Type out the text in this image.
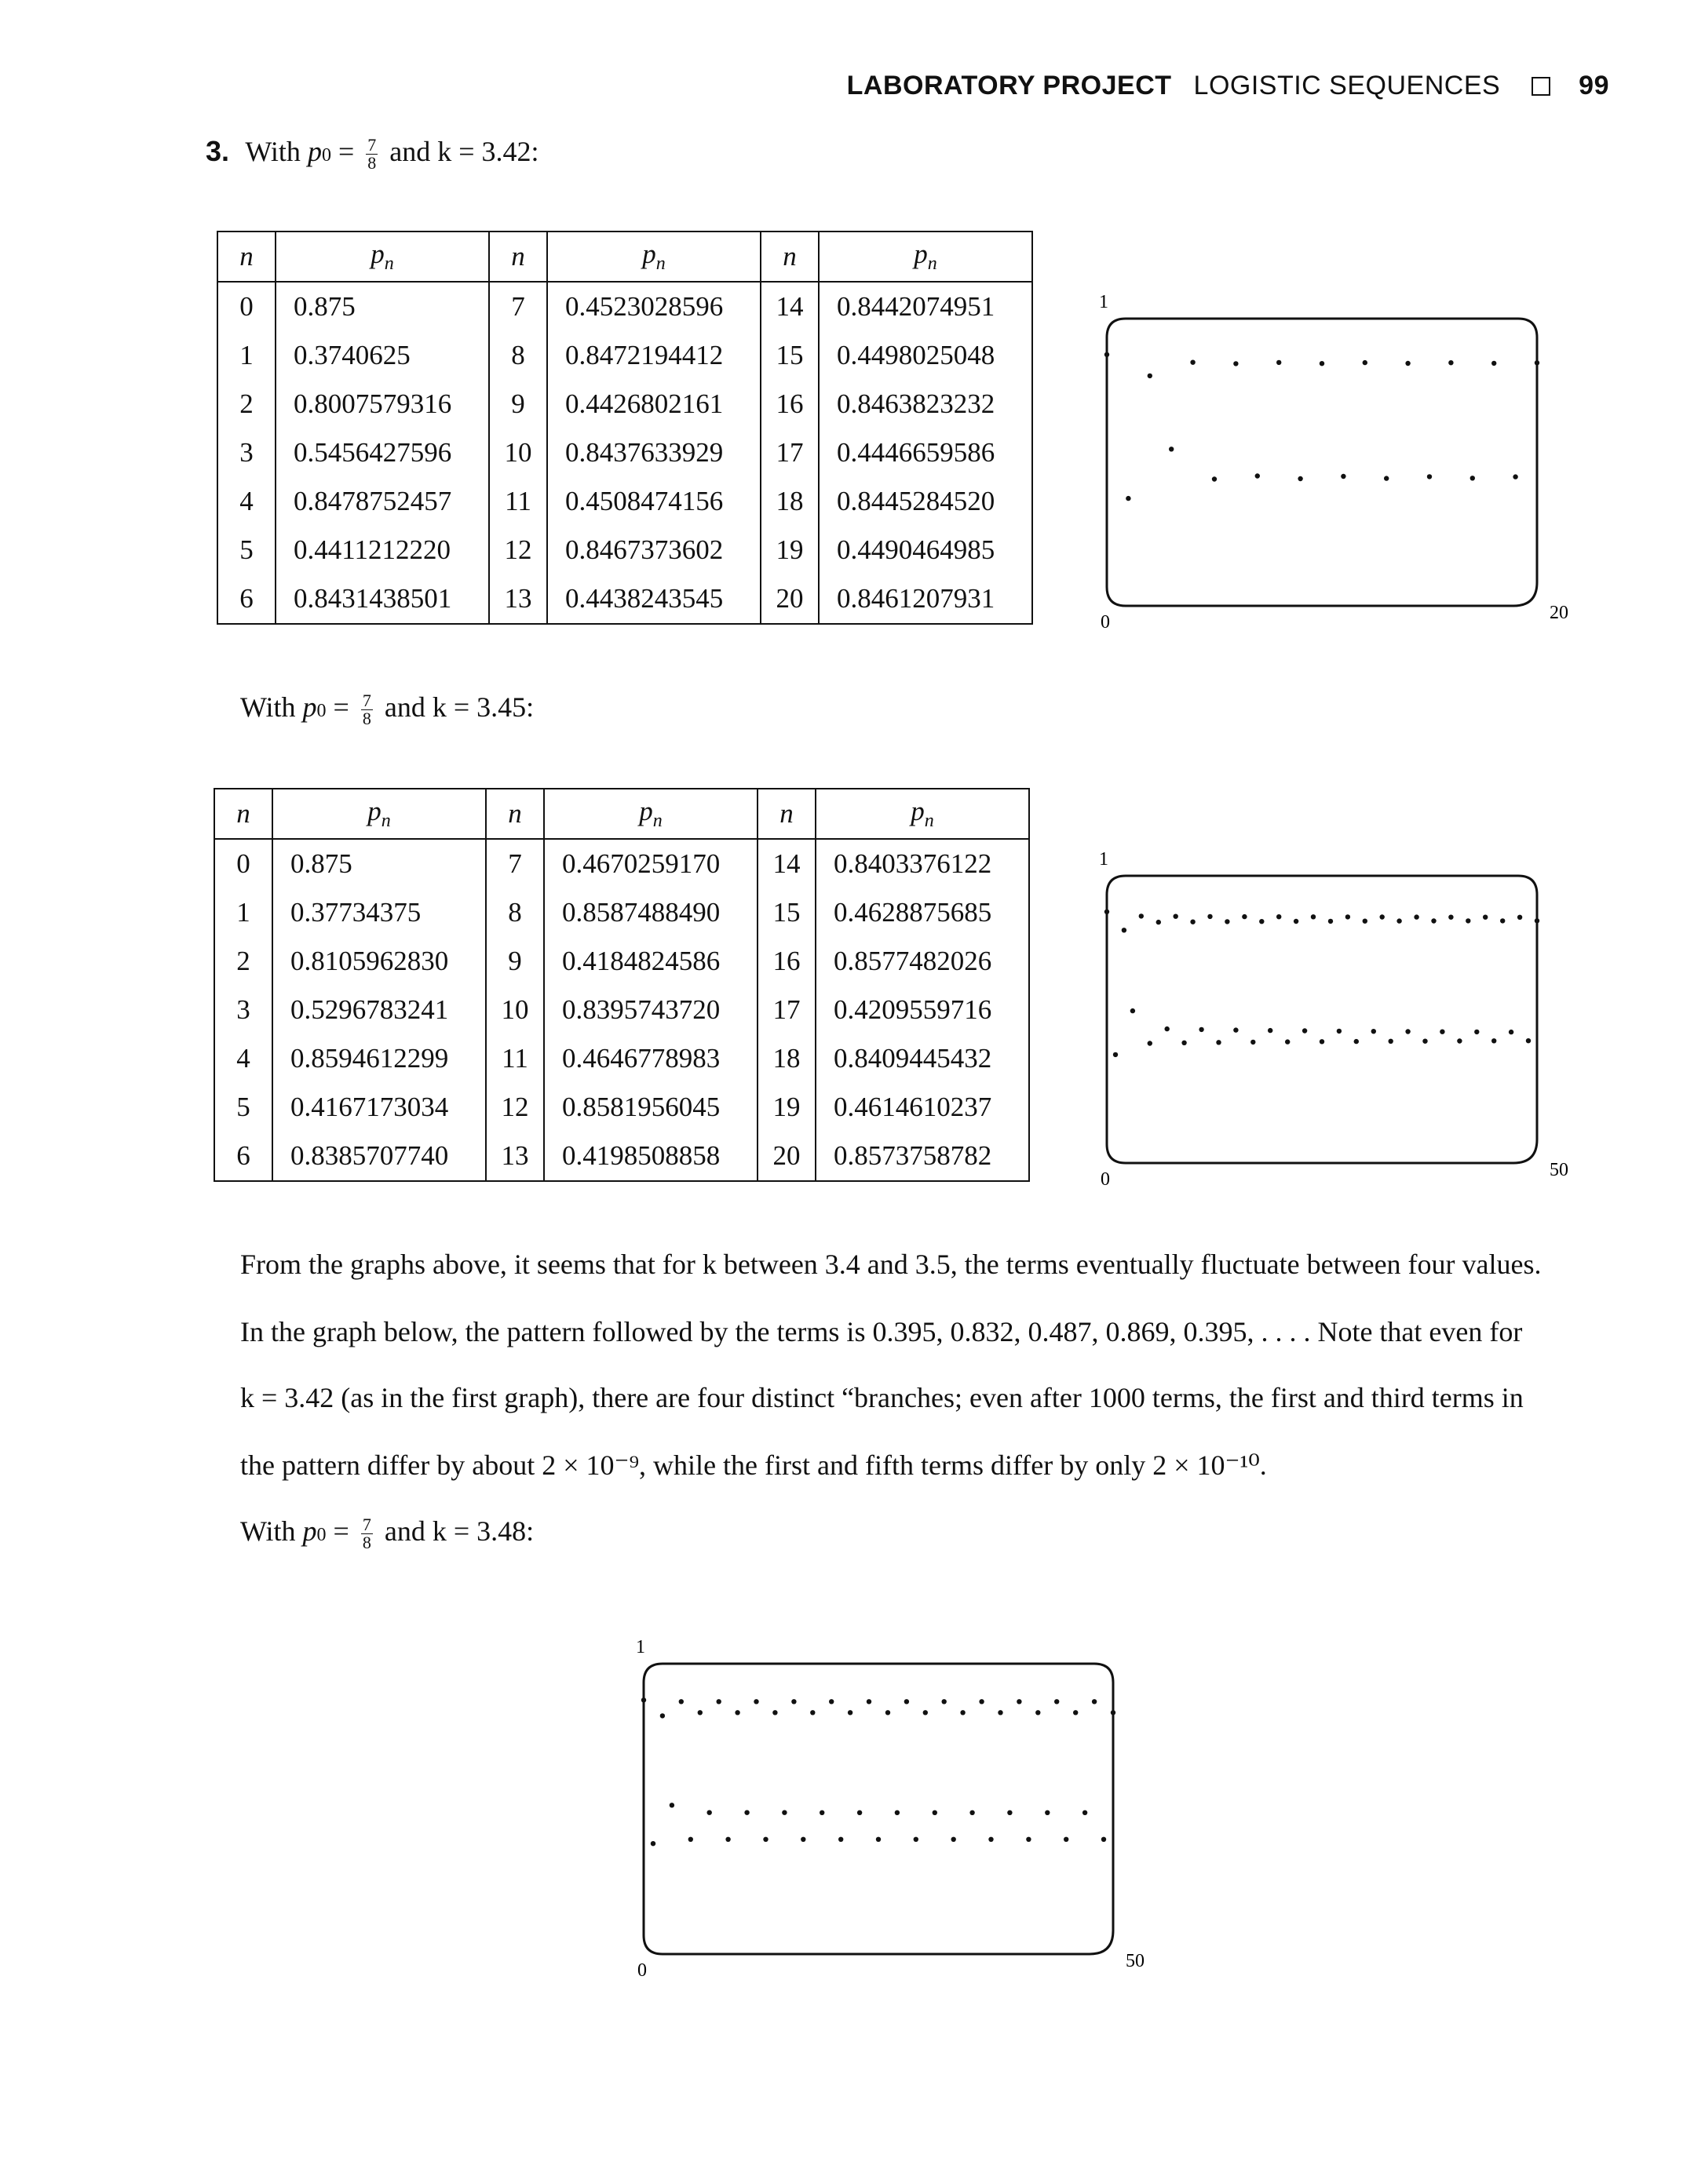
LABORATORY PROJECT LOGISTIC SEQUENCES	99
3. With $p0 = \frac{7}{8}$ and k = 3.42:
n	$p_n$	n	$p_n$	n	$p_n$
0	0.875	7	0.4523028596	14	0.8442074951
1	0.3740625	8	0.8472194412	15	0.4498025048
2	0.8007579316	9	0.4426802161	16	0.8463823232
3	0.5456427596	10	0.8437633929	17	0.4446659586
4	0.8478752457	11	0.4508474156	18	0.8445284520
5	0.4411212220	12	0.8467373602	19	0.4490464985
6	0.8431438501	13	0.4438243545	20	0.8461207931
1
0	20
With $p0 = \frac{7}{8}$ and k = 3.45:
n	$p_n$	n	$p_n$	n	$p_n$
0	0.875	7	0.4670259170	14	0.8403376122
1	0.37734375	8	0.8587488490	15	0.4628875685
2	0.8105962830	9	0.4184824586	16	0.8577482026
3	0.5296783241	10	0.8395743720	17	0.4209559716
4	0.8594612299	11	0.4646778983	18	0.8409445432
5	0.4167173034	12	0.8581956045	19	0.4614610237
6	0.8385707740	13	0.4198508858	20	0.8573758782
1
0	50
From the graphs above, it seems that for k between 3.4 and 3.5, the terms eventually fluctuate between four values.
In the graph below, the pattern followed by the terms is 0.395, 0.832, 0.487, 0.869, 0.395, . . . . Note that even for
k = 3.42 (as in the first graph), there are four distinct “branches; even after 1000 terms, the first and third terms in
the pattern differ by about 2 × 10⁻⁹, while the first and fifth terms differ by only 2 × 10⁻¹⁰.
With $p0 = \frac{7}{8}$ and k = 3.48:
1
0	50
